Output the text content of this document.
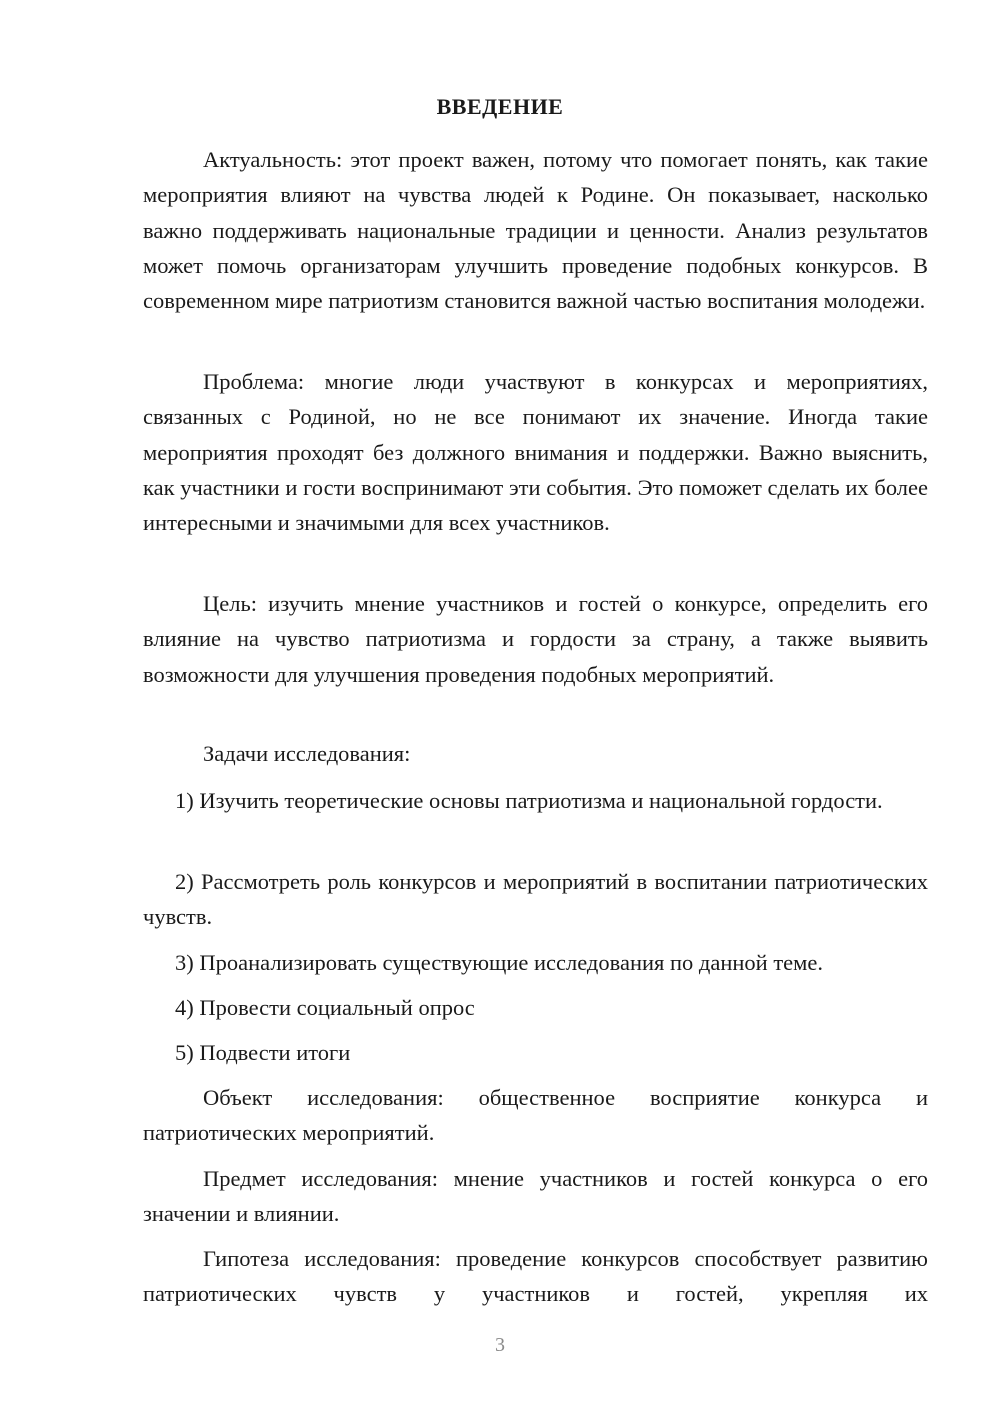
ВВЕДЕНИЕ

Актуальность: этот проект важен, потому что помогает понять, как такие мероприятия влияют на чувства людей к Родине. Он показывает, насколько важно поддерживать национальные традиции и ценности. Анализ результатов может помочь организаторам улучшить проведение подобных конкурсов. В современном мире патриотизм становится важной частью воспитания молодежи.

Проблема: многие люди участвуют в конкурсах и мероприятиях, связанных с Родиной, но не все понимают их значение. Иногда такие мероприятия проходят без должного внимания и поддержки. Важно выяснить, как участники и гости воспринимают эти события. Это поможет сделать их более интересными и значимыми для всех участников.

Цель: изучить мнение участников и гостей о конкурсе, определить его влияние на чувство патриотизма и гордости за страну, а также выявить возможности для улучшения проведения подобных мероприятий.

Задачи исследования:

1) Изучить теоретические основы патриотизма и национальной гордости.

2) Рассмотреть роль конкурсов и мероприятий в воспитании патриотических чувств.

3) Проанализировать существующие исследования по данной теме.

4) Провести социальный опрос

5) Подвести итоги

Объект исследования: общественное восприятие конкурса и патриотических мероприятий.

Предмет исследования: мнение участников и гостей конкурса о его значении и влиянии.

Гипотеза исследования: проведение конкурсов способствует развитию патриотических чувств у участников и гостей, укрепляя их

3
